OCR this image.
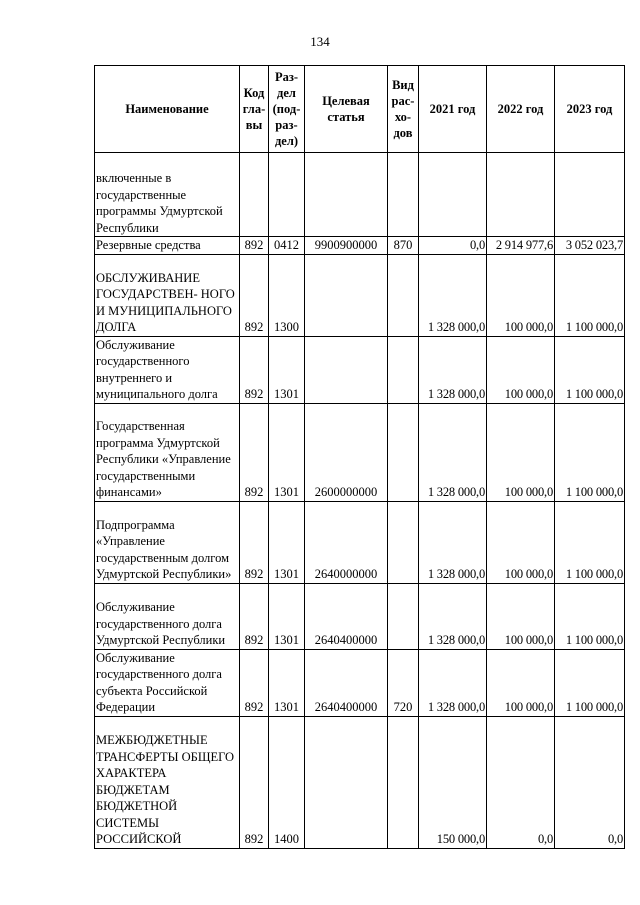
134
Наименование	Код гла- вы	Раз- дел (под- раз- дел)	Целевая статья	Вид рас- хо- дов	2021 год	2022 год	2023 год
включенные в государственные программы Удмуртской Республики							
Резервные средства	892	0412	9900900000	870	0,0	2 914 977,6	3 052 023,7
ОБСЛУЖИВАНИЕ ГОСУДАРСТВЕН- НОГО И МУНИЦИПАЛЬНОГО ДОЛГА	892	1300			1 328 000,0	100 000,0	1 100 000,0
Обслуживание государственного внутреннего и муниципального долга	892	1301			1 328 000,0	100 000,0	1 100 000,0
Государственная программа Удмуртской Республики «Управление государственными финансами»	892	1301	2600000000		1 328 000,0	100 000,0	1 100 000,0
Подпрограмма «Управление государственным долгом Удмуртской Республики»	892	1301	2640000000		1 328 000,0	100 000,0	1 100 000,0
Обслуживание государственного долга Удмуртской Республики	892	1301	2640400000		1 328 000,0	100 000,0	1 100 000,0
Обслуживание государственного долга субъекта Российской Федерации	892	1301	2640400000	720	1 328 000,0	100 000,0	1 100 000,0
МЕЖБЮДЖЕТНЫЕ ТРАНСФЕРТЫ ОБЩЕГО ХАРАКТЕРА БЮДЖЕТАМ БЮДЖЕТНОЙ СИСТЕМЫ РОССИЙСКОЙ	892	1400			150 000,0	0,0	0,0
